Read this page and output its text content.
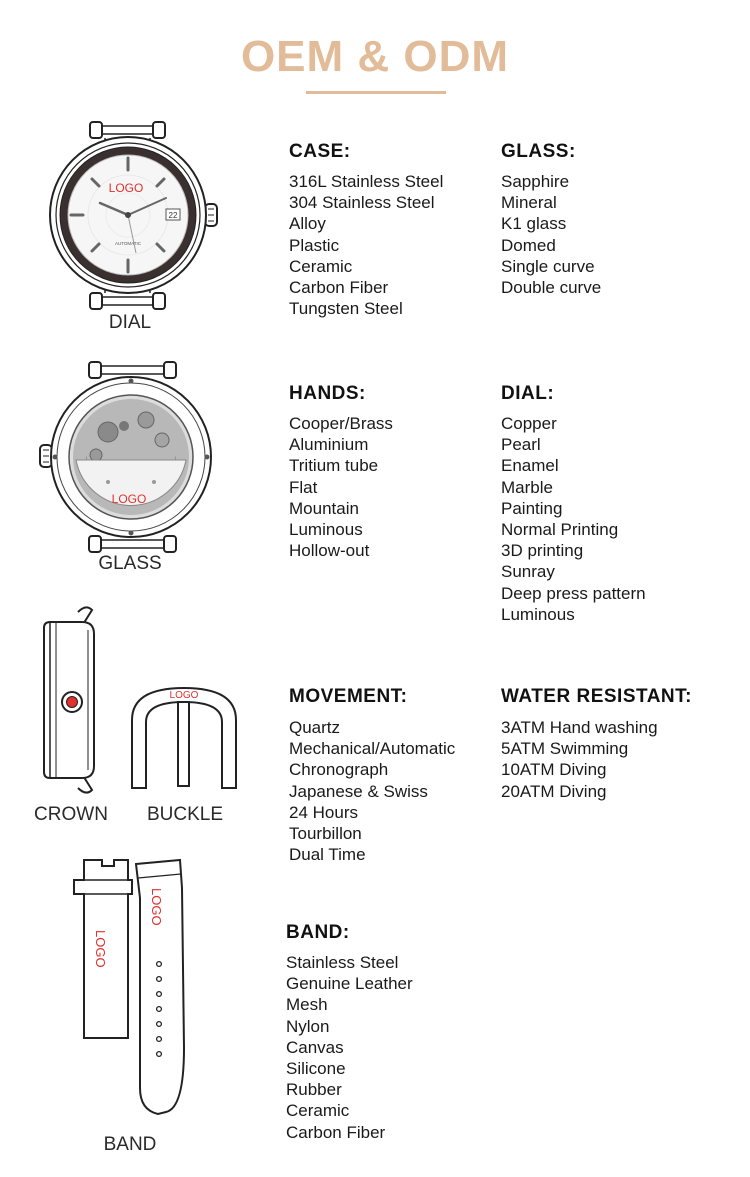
OEM & ODM
22
LOGO
AUTOMATIC
DIAL
LOGO
GLASS
CROWN
LOGO
BUCKLE
LOGO
LOGO
BAND
CASE:
316L Stainless Steel
304 Stainless Steel
Alloy
Plastic
Ceramic
Carbon Fiber
Tungsten Steel
GLASS:
Sapphire
Mineral
K1 glass
Domed
Single curve
Double curve
HANDS:
Cooper/Brass
Aluminium
Tritium tube
Flat
Mountain
Luminous
Hollow-out
DIAL:
Copper
Pearl
Enamel
Marble
Painting
Normal Printing
3D printing
Sunray
Deep press pattern
Luminous
MOVEMENT:
Quartz
Mechanical/Automatic
Chronograph
Japanese & Swiss
24 Hours
Tourbillon
Dual Time
WATER RESISTANT:
3ATM Hand washing
5ATM Swimming
10ATM Diving
20ATM Diving
BAND:
Stainless Steel
Genuine Leather
Mesh
Nylon
Canvas
Silicone
Rubber
Ceramic
Carbon Fiber
